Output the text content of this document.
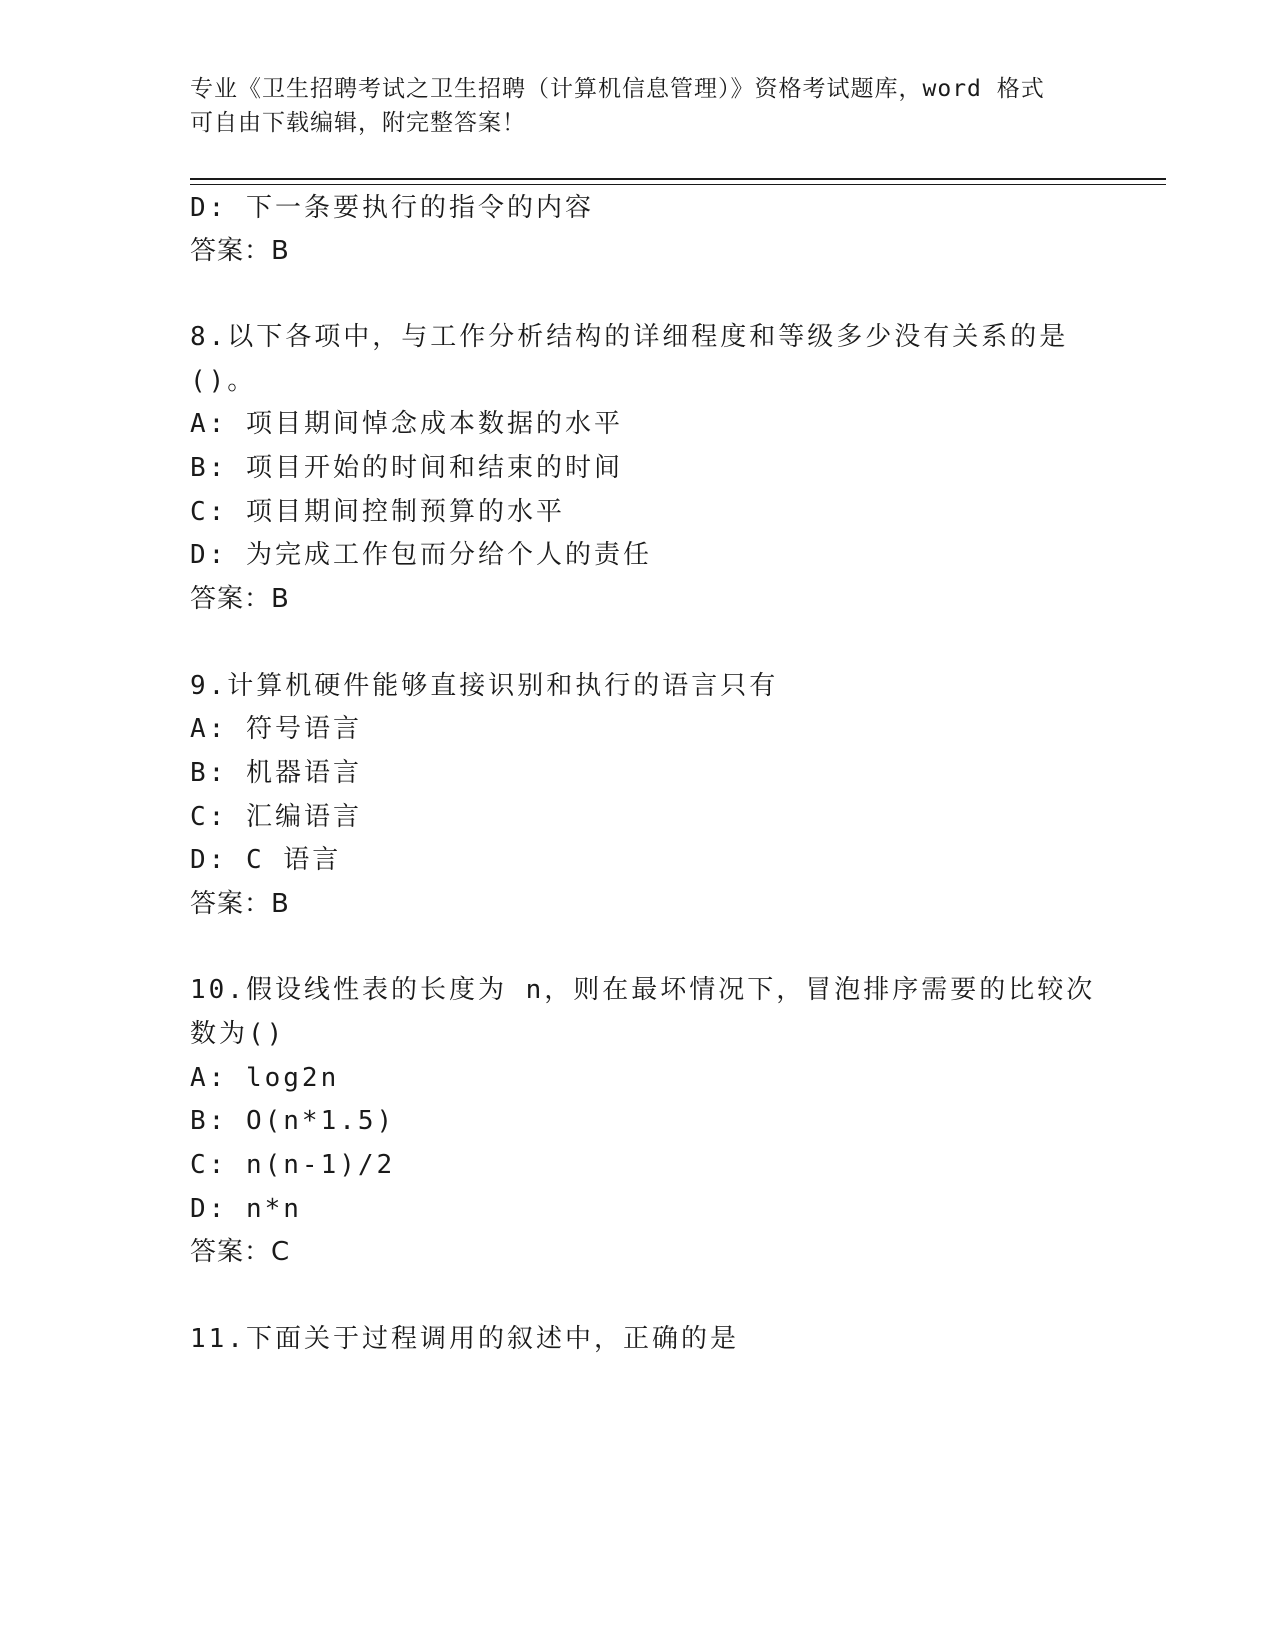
专业《卫生招聘考试之卫生招聘（计算机信息管理）》资格考试题库，word 格式
可自由下载编辑，附完整答案！
D: 下一条要执行的指令的内容
答案：B
8.以下各项中，与工作分析结构的详细程度和等级多少没有关系的是
()。
A: 项目期间悼念成本数据的水平
B: 项目开始的时间和结束的时间
C: 项目期间控制预算的水平
D: 为完成工作包而分给个人的责任
答案：B
9.计算机硬件能够直接识别和执行的语言只有
A: 符号语言
B: 机器语言
C: 汇编语言
D: C 语言
答案：B
10.假设线性表的长度为 n，则在最坏情况下，冒泡排序需要的比较次
数为()
A: log2n
B: O(n*1.5)
C: n(n-1)/2
D: n*n
答案：C
11.下面关于过程调用的叙述中，正确的是
